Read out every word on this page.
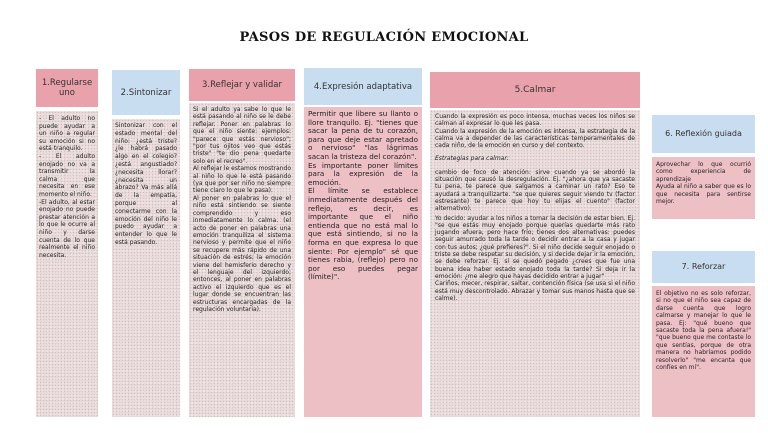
PASOS DE REGULACIÓN EMOCIONAL
1.Regularse uno

- El adulto no puede ayudar a un niño a regular su emoción si no está tranquilo.

- El adulto enojado no va a transmitir la calma que necesita en ese momento el niño.

-El adulto, al estar enojado no puede prestar atención a lo que le ocurre al niño y darse cuenta de lo que realmente el niño necesita.

2.Sintonizar

Sintonizar con el estado mental del niño: ¿está triste? ¿le habrá pasado algo en el colegio? ¿está angustiado? ¿necesita llorar? ¿necesita un abrazo? Va más allá de la empatía, porque al conectarme con la emoción del niño le puedo ayudar a entender lo que le está pasando.

3.Reflejar y validar

Si el adulto ya sabe lo que le está pasando al niño se le debe reflejar. Poner en palabras lo que el niño siente: ejemplos: "parece que estás nervioso"; "por tus ojitos veo que estás triste" "te dio pena quedarte solo en el recreo".

Al reflejar le estamos mostrando al niño lo que le está pasando (ya que por ser niño no siempre tiene claro lo que le pasa).

Al poner en palabras lo que el niño está sintiendo se siente comprendido y eso inmediatamente lo calma. (el acto de poner en palabras una emoción tranquiliza el sistema nervioso y permite que el niño se recupere más rápido de una situación de estrés; la emoción viene del hemisferio derecho y el lenguaje del izquierdo; entonces, al poner en palabras activo el izquierdo que es el lugar donde se encuentran las estructuras encargadas de la regulación voluntaria).

4.Expresión adaptativa

Permitir que libere su llanto o llore tranquilo. Ej. "tienes que sacar la pena de tu corazón, para que deje estar apretado o nervioso" "las lágrimas sacan la tristeza del corazón".

Es importante poner límites para la expresión de la emoción.

El límite se establece inmediatamente después del reflejo, es decir, es importante que el niño entienda que no está mal lo que está sintiendo, si no la forma en que expresa lo que siente: Por ejemplo" sé que tienes rabia, (reflejo) pero no por eso puedes pegar (límite)".

5.Calmar

Cuando la expresión es poco intensa, muchas veces los niños se calman al expresar lo que les pasa.

Cuando la expresión de la emoción es intensa, la estrategia de la calma va a depender de las características temperamentales de cada niño, de la emoción en curso y del contexto.

Estrategias para calmar:

cambio de foco de atención: sirve cuando ya se abordó la situación que causó la desregulación. Ej. "¿ahora que ya sacaste tu pena, te parece que salgamos a caminar un rato? Eso te ayudará a tranquilizarte. "se que quieres seguir viendo tv (factor estresante) te parece que hoy tu elijas el cuento" (factor alternativo).

Yo decido: ayudar a los niños a tomar la decisión de estar bien. Ej. "se que estás muy enojado porque querías quedarte más rato jugando afuera, pero hace frío; tienes dos alternativas: puedes seguir amurrado toda la tarde o decidir entrar a la casa y jugar con tus autos; ¿qué prefieres?". Si el niño decide seguir enojado o triste se debe respetar su decisión, y si decide dejar ir la emoción, se debe reforzar. Ej. sí se quedó pegado ¿crees que fue una buena idea haber estado enojado toda la tarde? Si deja ir la emoción: ¿me alegro que hayas decidido entrar a jugar"

Cariños, mecer, respirar, saltar, contención física (se usa si el niño está muy descontrolado. Abrazar y tomar sus manos hasta que se calme).

6. Reflexión guiada

Aprovechar lo que ocurrió como experiencia de aprendizaje

Ayuda al niño a saber que es lo que necesita para sentirse mejor.

7. Reforzar

El objetivo no es solo reforzar, si no que el niño sea capaz de darse cuenta que logro calmarse y manejar lo que le pasa. Ej: "qué bueno que sacaste toda la pena afuera!" "que bueno que me contaste lo que sentías, porque de otra manera no habríamos podido resolverlo" "me encanta que confíes en mí".
